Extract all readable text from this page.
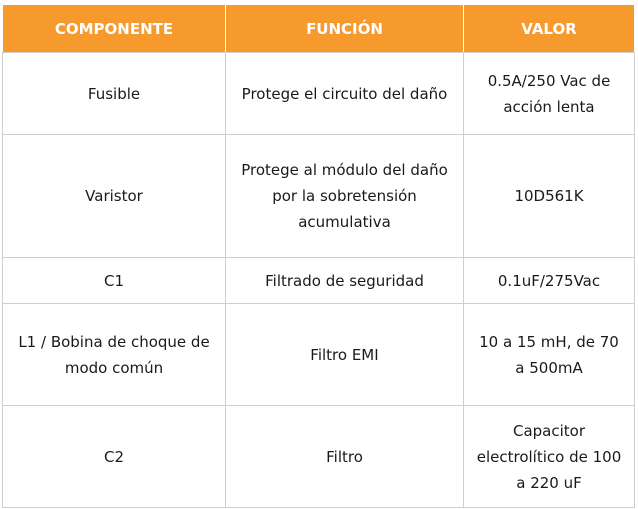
COMPONENTE	FUNCIÓN	VALOR
Fusible	Protege el circuito del daño	0.5A/250 Vac de acción lenta
Varistor	Protege al módulo del daño por la sobretensión acumulativa	10D561K
C1	Filtrado de seguridad	0.1uF/275Vac
L1 / Bobina de choque de modo común	Filtro EMI	10 a 15 mH, de 70 a 500mA
C2	Filtro	Capacitor electrolítico de 100 a 220 uF
